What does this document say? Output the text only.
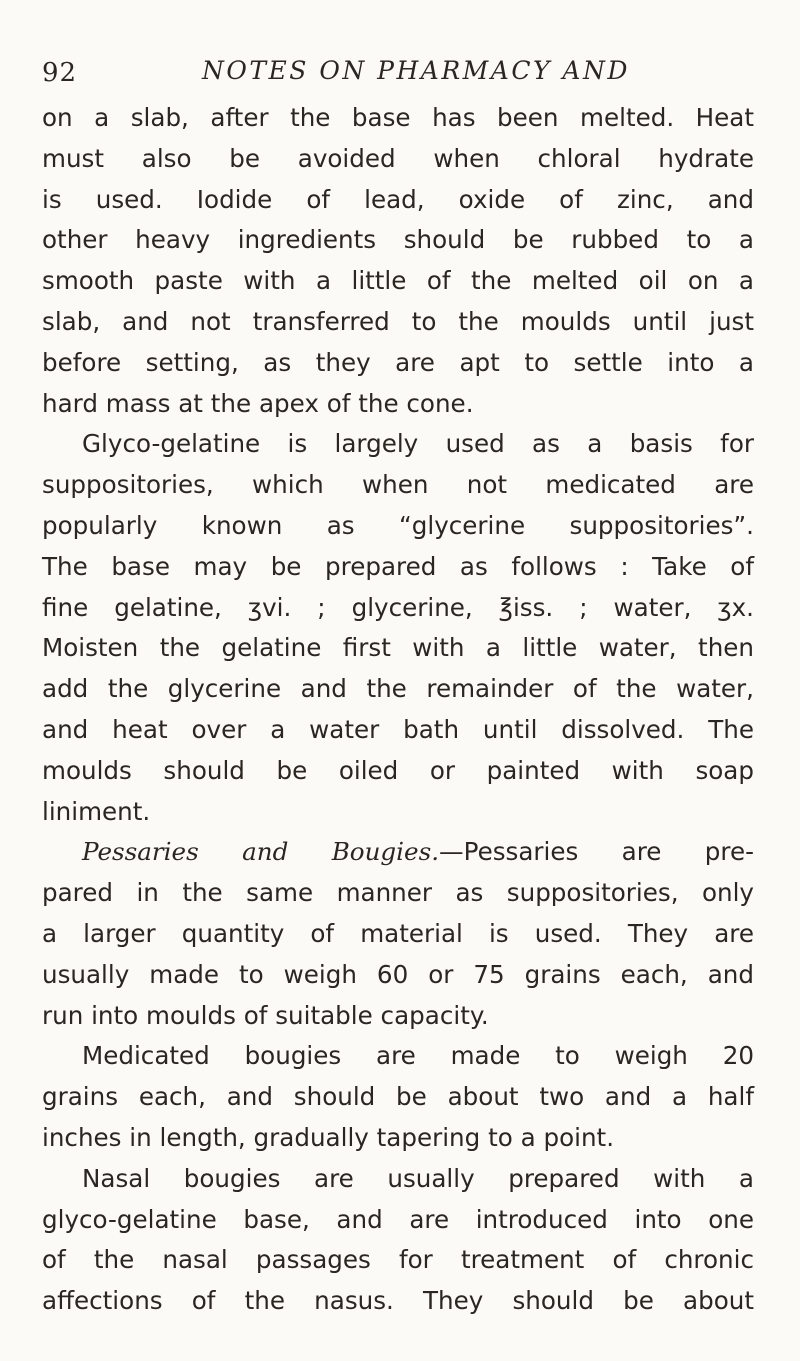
92	NOTES ON PHARMACY AND
on a slab, after the base has been melted. Heat
must also be avoided when chloral hydrate
is used. Iodide of lead, oxide of zinc, and
other heavy ingredients should be rubbed to a
smooth paste with a little of the melted oil on a
slab, and not transferred to the moulds until just
before setting, as they are apt to settle into a
hard mass at the apex of the cone.
Glyco-gelatine is largely used as a basis for
suppositories, which when not medicated are
popularly known as “glycerine suppositories”.
The base may be prepared as follows : Take of
fine gelatine, ʒvi. ; glycerine, ℥iss. ; water, ʒx.
Moisten the gelatine first with a little water, then
add the glycerine and the remainder of the water,
and heat over a water bath until dissolved. The
moulds should be oiled or painted with soap
liniment.
Pessaries and Bougies.—Pessaries are pre-
pared in the same manner as suppositories, only
a larger quantity of material is used. They are
usually made to weigh 60 or 75 grains each, and
run into moulds of suitable capacity.
Medicated bougies are made to weigh 20
grains each, and should be about two and a half
inches in length, gradually tapering to a point.
Nasal bougies are usually prepared with a
glyco-gelatine base, and are introduced into one
of the nasal passages for treatment of chronic
affections of the nasus. They should be about
